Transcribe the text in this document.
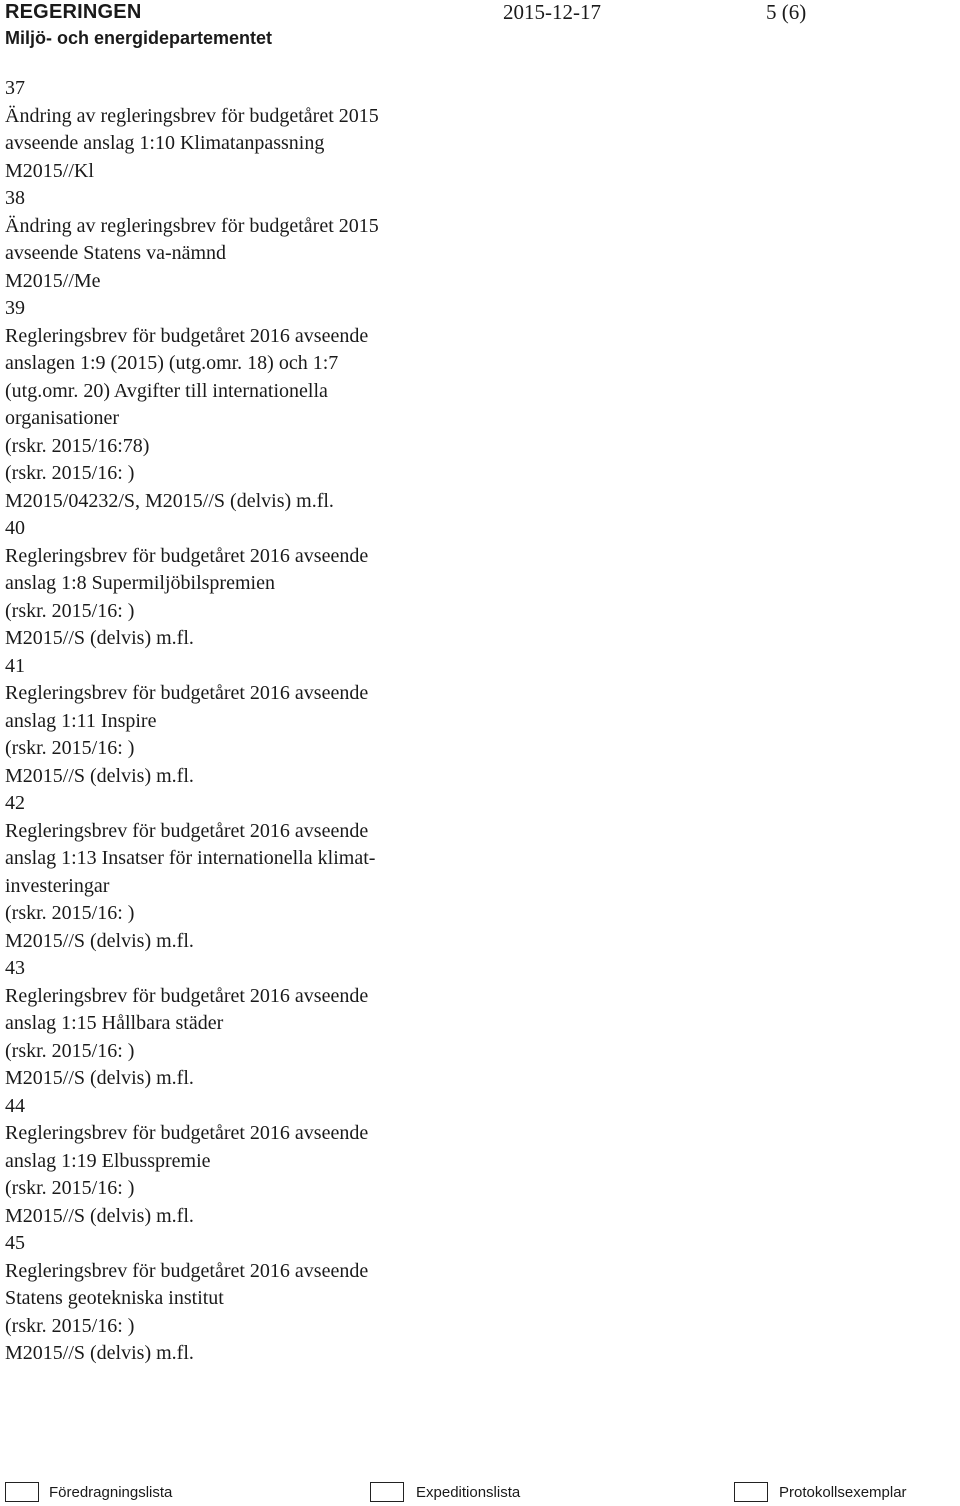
REGERINGEN
Miljö- och energidepartementet
2015-12-17	5 (6)
37
Ändring av regleringsbrev för budgetåret 2015
avseende anslag 1:10 Klimatanpassning
M2015//Kl
38
Ändring av regleringsbrev för budgetåret 2015
avseende Statens va-nämnd
M2015//Me
39
Regleringsbrev för budgetåret 2016 avseende
anslagen 1:9 (2015) (utg.omr. 18) och 1:7
(utg.omr. 20) Avgifter till internationella
organisationer
(rskr. 2015/16:78)
(rskr. 2015/16: )
M2015/04232/S, M2015//S (delvis) m.fl.
40
Regleringsbrev för budgetåret 2016 avseende
anslag 1:8 Supermiljöbilspremien
(rskr. 2015/16: )
M2015//S (delvis) m.fl.
41
Regleringsbrev för budgetåret 2016 avseende
anslag 1:11 Inspire
(rskr. 2015/16: )
M2015//S (delvis) m.fl.
42
Regleringsbrev för budgetåret 2016 avseende
anslag 1:13 Insatser för internationella klimat-
investeringar
(rskr. 2015/16: )
M2015//S (delvis) m.fl.
43
Regleringsbrev för budgetåret 2016 avseende
anslag 1:15 Hållbara städer
(rskr. 2015/16: )
M2015//S (delvis) m.fl.
44
Regleringsbrev för budgetåret 2016 avseende
anslag 1:19 Elbusspremie
(rskr. 2015/16: )
M2015//S (delvis) m.fl.
45
Regleringsbrev för budgetåret 2016 avseende
Statens geotekniska institut
(rskr. 2015/16: )
M2015//S (delvis) m.fl.
Föredragningslista	Expeditionslista	Protokollsexemplar
